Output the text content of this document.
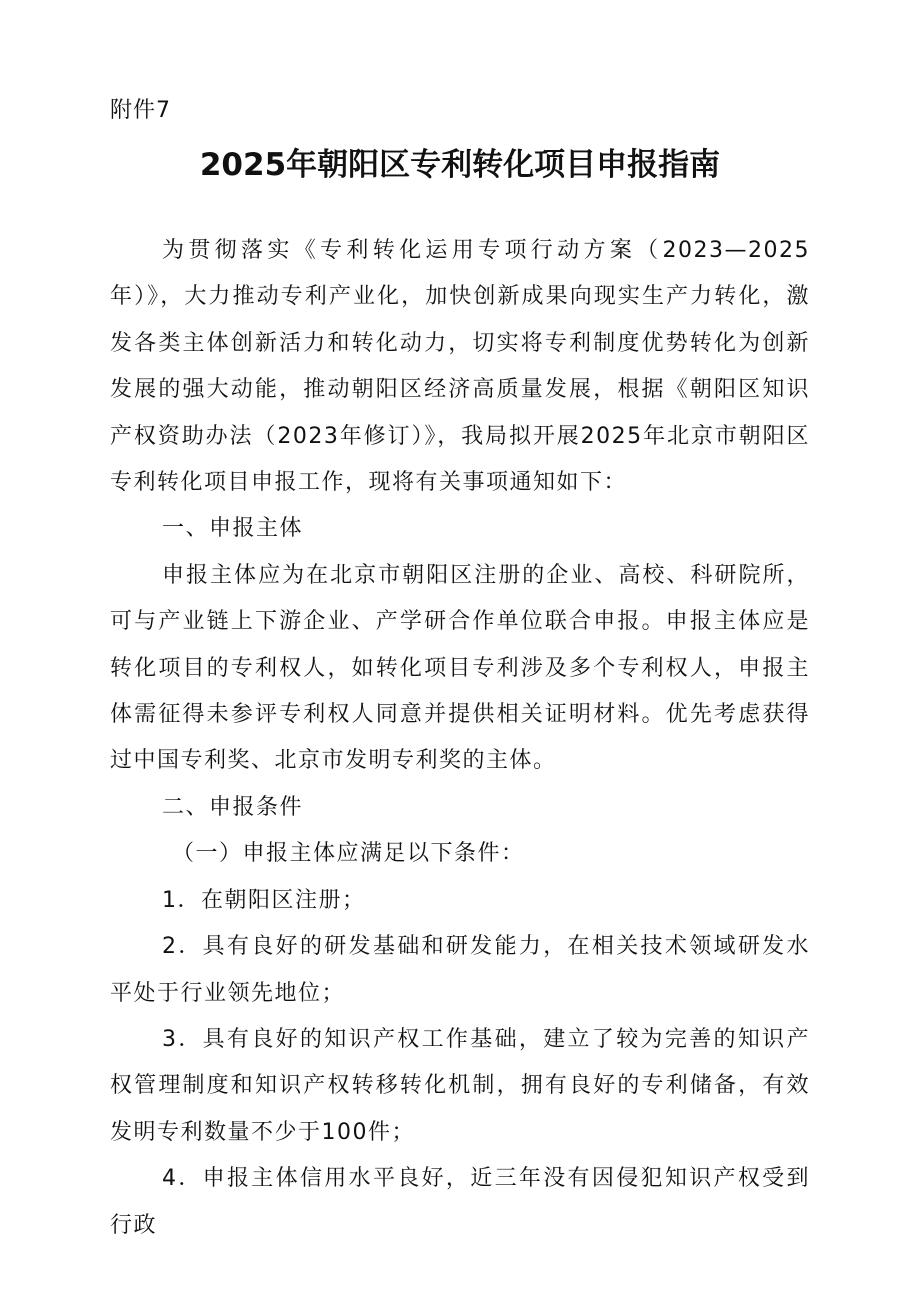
附件7
2025年朝阳区专利转化项目申报指南

为贯彻落实《专利转化运用专项行动方案（2023—2025年）》，大力推动专利产业化，加快创新成果向现实生产力转化，激发各类主体创新活力和转化动力，切实将专利制度优势转化为创新发展的强大动能，推动朝阳区经济高质量发展，根据《朝阳区知识产权资助办法（2023年修订）》，我局拟开展2025年北京市朝阳区专利转化项目申报工作，现将有关事项通知如下：

一、申报主体

申报主体应为在北京市朝阳区注册的企业、高校、科研院所，可与产业链上下游企业、产学研合作单位联合申报。申报主体应是转化项目的专利权人，如转化项目专利涉及多个专利权人，申报主体需征得未参评专利权人同意并提供相关证明材料。优先考虑获得过中国专利奖、北京市发明专利奖的主体。

二、申报条件

（一）申报主体应满足以下条件：

1．在朝阳区注册；

2．具有良好的研发基础和研发能力，在相关技术领域研发水平处于行业领先地位；

3．具有良好的知识产权工作基础，建立了较为完善的知识产权管理制度和知识产权转移转化机制，拥有良好的专利储备，有效发明专利数量不少于100件；

4．申报主体信用水平良好，近三年没有因侵犯知识产权受到行政
